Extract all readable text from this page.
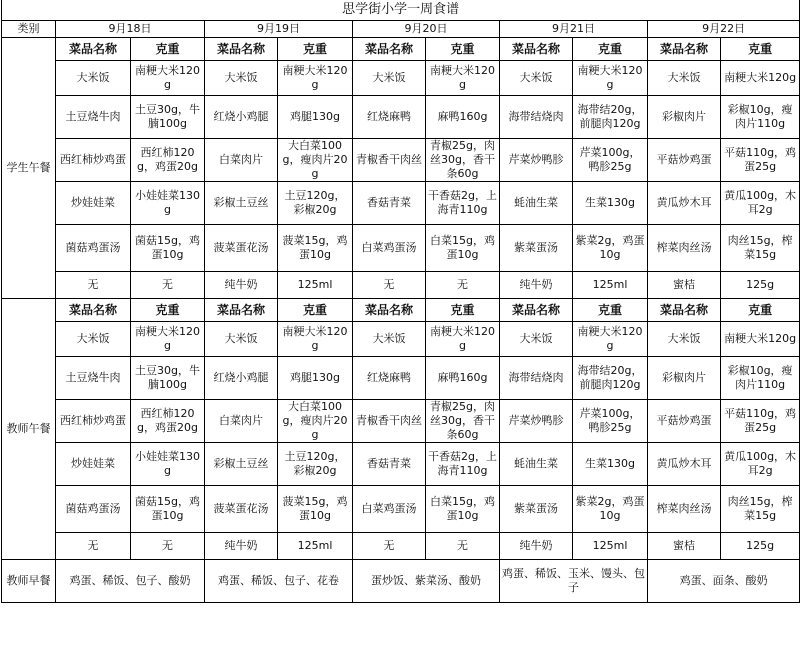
思学街小学一周食谱										
类别	9月18日		9月19日		9月20日		9月21日		9月22日	
学生午餐	菜品名称	克重	菜品名称	克重	菜品名称	克重	菜品名称	克重	菜品名称	克重
	大米饭	南粳大米120g	大米饭	南粳大米120g	大米饭	南粳大米120g	大米饭	南粳大米120g	大米饭	南粳大米120g
	土豆烧牛肉	土豆30g，牛腩100g	红烧小鸡腿	鸡腿130g	红烧麻鸭	麻鸭160g	海带结烧肉	海带结20g，前腿肉120g	彩椒肉片	彩椒10g，瘦肉片110g
	西红柿炒鸡蛋	西红柿120g，鸡蛋20g	白菜肉片	大白菜100g，瘦肉片20g	青椒香干肉丝	青椒25g，肉丝30g，香干条60g	芹菜炒鸭胗	芹菜100g，鸭胗25g	平菇炒鸡蛋	平菇110g，鸡蛋25g
	炒娃娃菜	小娃娃菜130g	彩椒土豆丝	土豆120g，彩椒20g	香菇青菜	干香菇2g，上海青110g	蚝油生菜	生菜130g	黄瓜炒木耳	黄瓜100g，木耳2g
	菌菇鸡蛋汤	菌菇15g，鸡蛋10g	菠菜蛋花汤	菠菜15g，鸡蛋10g	白菜鸡蛋汤	白菜15g，鸡蛋10g	紫菜蛋汤	紫菜2g，鸡蛋10g	榨菜肉丝汤	肉丝15g，榨菜15g
	无	无	纯牛奶	125ml	无	无	纯牛奶	125ml	蜜桔	125g
教师午餐	菜品名称	克重	菜品名称	克重	菜品名称	克重	菜品名称	克重	菜品名称	克重
	大米饭	南粳大米120g	大米饭	南粳大米120g	大米饭	南粳大米120g	大米饭	南粳大米120g	大米饭	南粳大米120g
	土豆烧牛肉	土豆30g，牛腩100g	红烧小鸡腿	鸡腿130g	红烧麻鸭	麻鸭160g	海带结烧肉	海带结20g，前腿肉120g	彩椒肉片	彩椒10g，瘦肉片110g
	西红柿炒鸡蛋	西红柿120g，鸡蛋20g	白菜肉片	大白菜100g，瘦肉片20g	青椒香干肉丝	青椒25g，肉丝30g，香干条60g	芹菜炒鸭胗	芹菜100g，鸭胗25g	平菇炒鸡蛋	平菇110g，鸡蛋25g
	炒娃娃菜	小娃娃菜130g	彩椒土豆丝	土豆120g，彩椒20g	香菇青菜	干香菇2g，上海青110g	蚝油生菜	生菜130g	黄瓜炒木耳	黄瓜100g，木耳2g
	菌菇鸡蛋汤	菌菇15g，鸡蛋10g	菠菜蛋花汤	菠菜15g，鸡蛋10g	白菜鸡蛋汤	白菜15g，鸡蛋10g	紫菜蛋汤	紫菜2g，鸡蛋10g	榨菜肉丝汤	肉丝15g，榨菜15g
	无	无	纯牛奶	125ml	无	无	纯牛奶	125ml	蜜桔	125g
教师早餐	鸡蛋、稀饭、包子、酸奶		鸡蛋、稀饭、包子、花卷		蛋炒饭、紫菜汤、酸奶		鸡蛋、稀饭、玉米、馒头、包子		鸡蛋、面条、酸奶	
